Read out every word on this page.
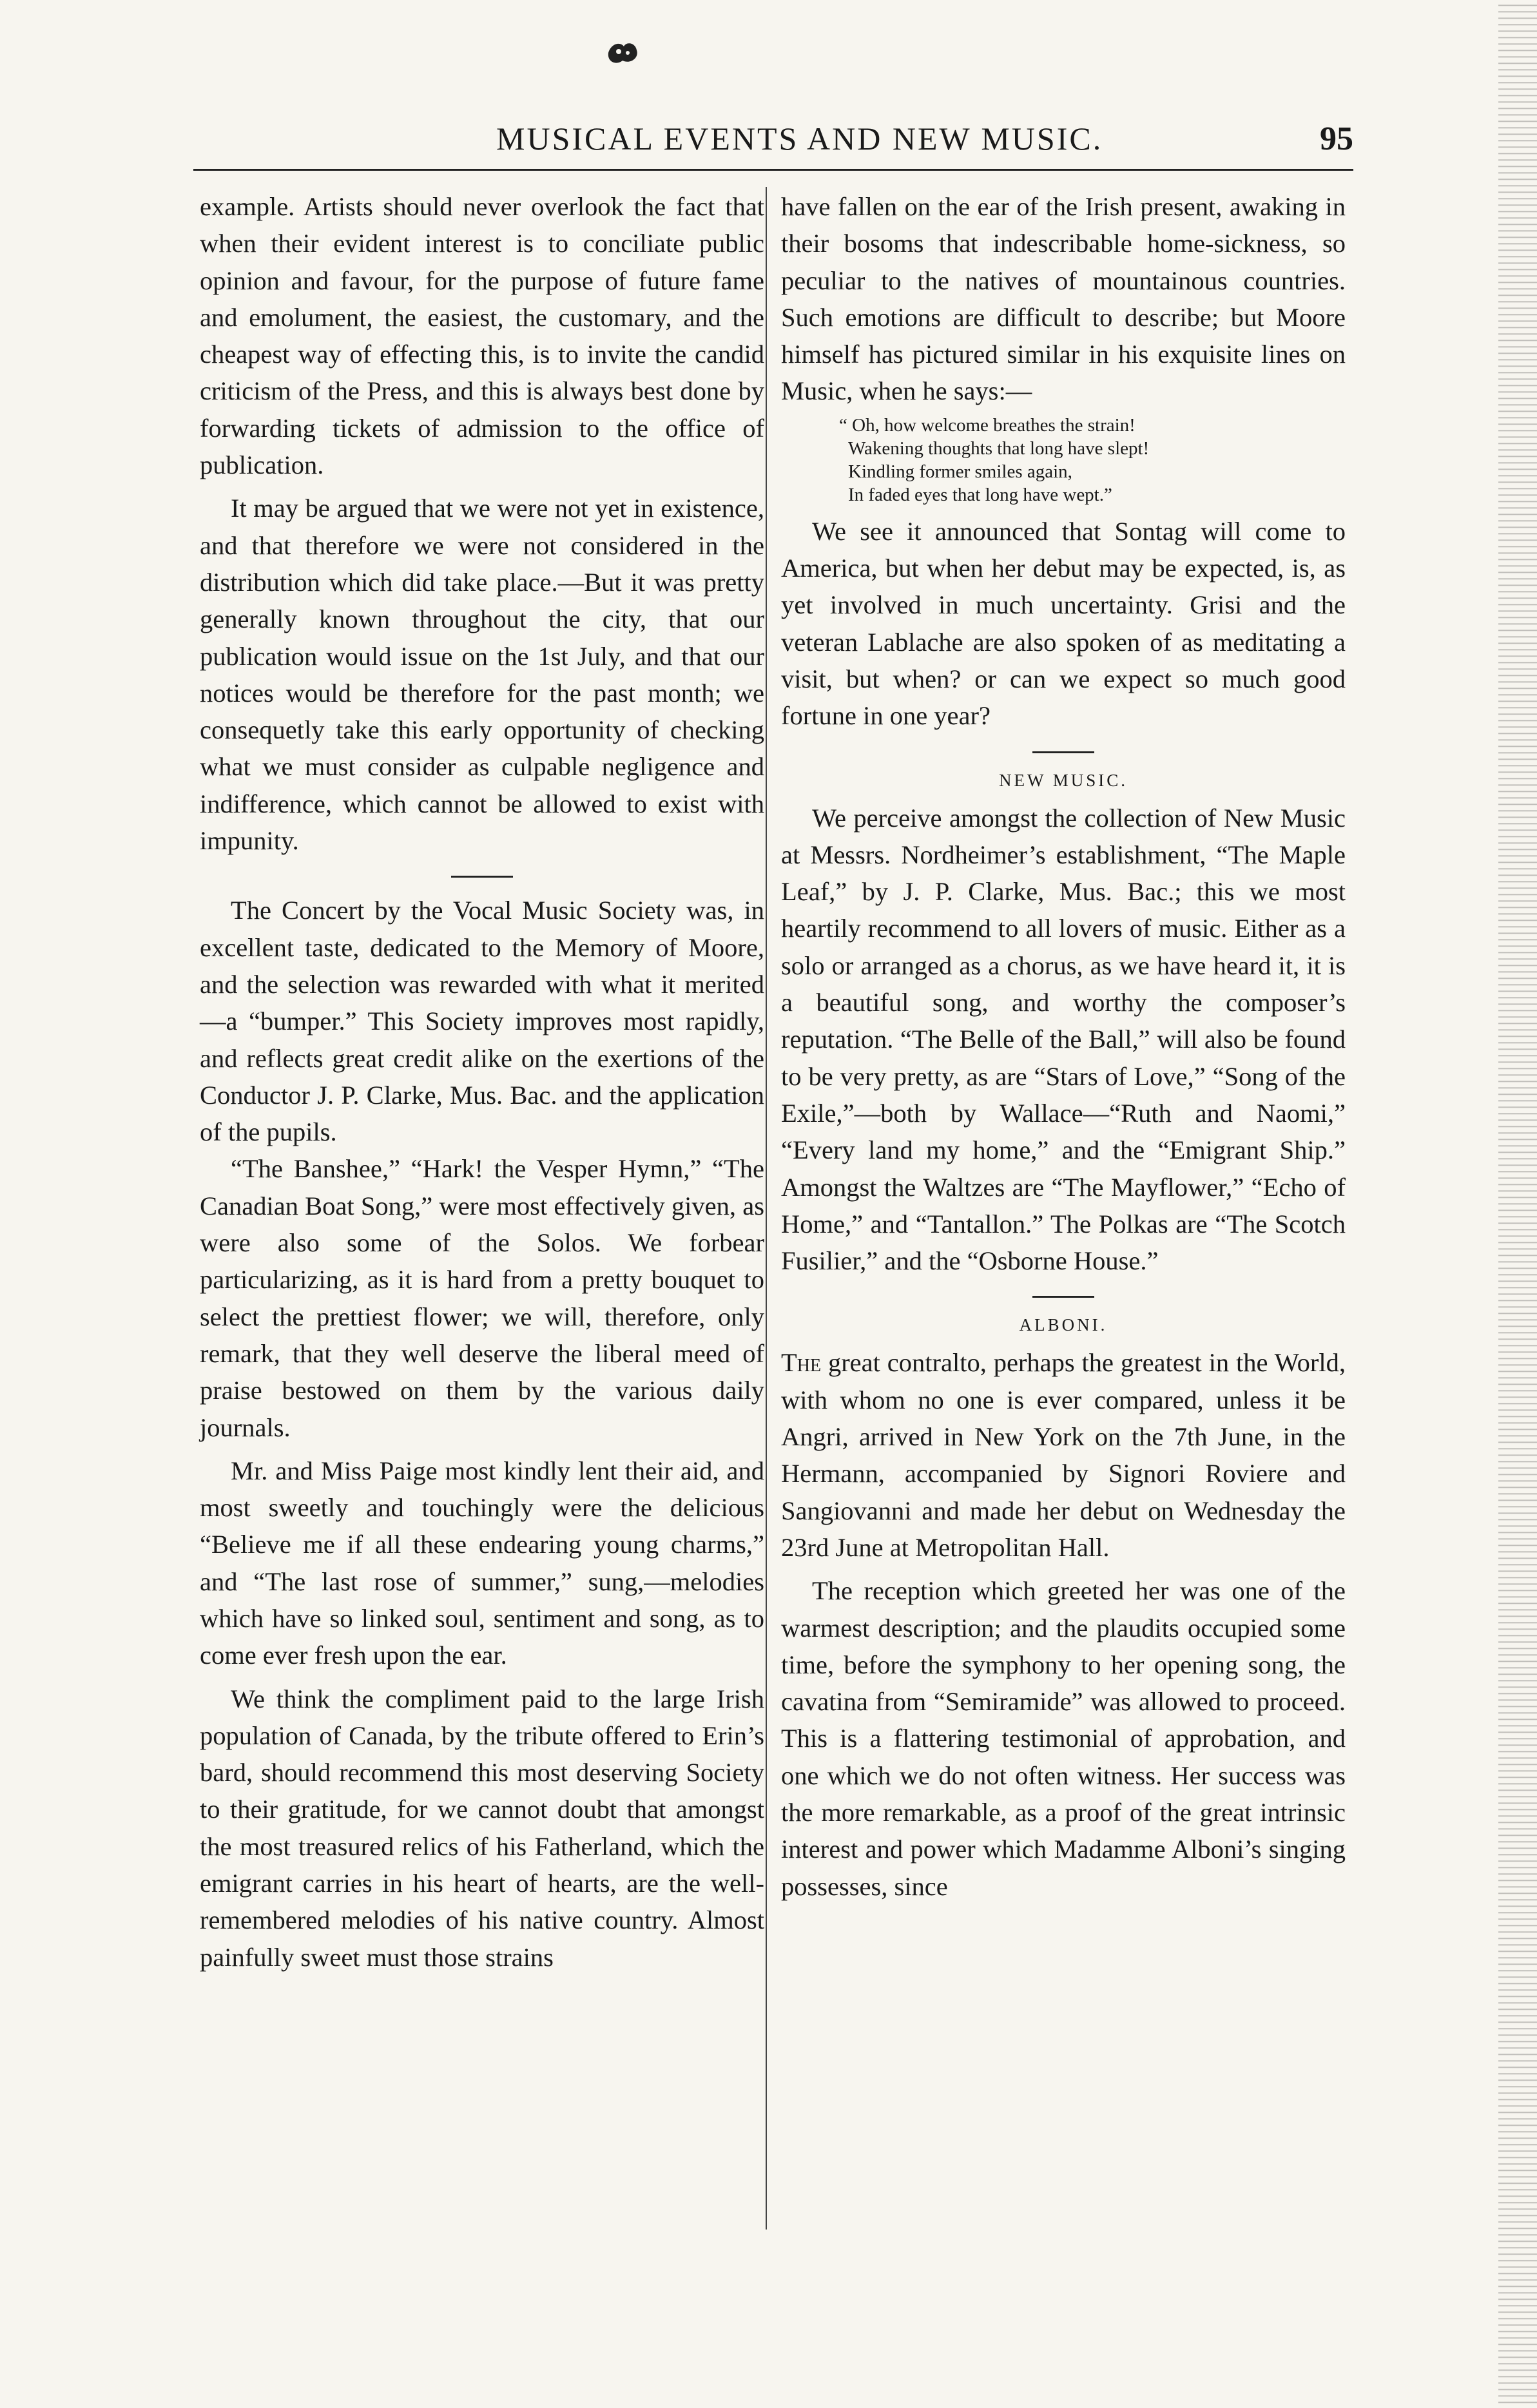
MUSICAL EVENTS AND NEW MUSIC.	95

example. Artists should never overlook the fact that when their evident interest is to conciliate public opinion and favour, for the purpose of future fame and emolument, the easiest, the customary, and the cheapest way of effecting this, is to invite the candid criticism of the Press, and this is always best done by forwarding tickets of admission to the office of publication.

It may be argued that we were not yet in existence, and that therefore we were not considered in the distribution which did take place.—But it was pretty generally known throughout the city, that our publication would issue on the 1st July, and that our notices would be therefore for the past month; we consequetly take this early opportunity of checking what we must consider as culpable negligence and indifference, which cannot be allowed to exist with impunity.

The Concert by the Vocal Music Society was, in excellent taste, dedicated to the Memory of Moore, and the selection was rewarded with what it merited—a “bumper.” This Society improves most rapidly, and reflects great credit alike on the exertions of the Conductor J. P. Clarke, Mus. Bac. and the application of the pupils.

“The Banshee,” “Hark! the Vesper Hymn,” “The Canadian Boat Song,” were most effectively given, as were also some of the Solos. We forbear particularizing, as it is hard from a pretty bouquet to select the prettiest flower; we will, therefore, only remark, that they well deserve the liberal meed of praise bestowed on them by the various daily journals.

Mr. and Miss Paige most kindly lent their aid, and most sweetly and touchingly were the delicious “Believe me if all these endearing young charms,” and “The last rose of summer,” sung,—melodies which have so linked soul, sentiment and song, as to come ever fresh upon the ear.

We think the compliment paid to the large Irish population of Canada, by the tribute offered to Erin’s bard, should recommend this most deserving Society to their gratitude, for we cannot doubt that amongst the most treasured relics of his Fatherland, which the emigrant carries in his heart of hearts, are the well-remembered melodies of his native country. Almost painfully sweet must those strains

have fallen on the ear of the Irish present, awaking in their bosoms that indescribable home-sickness, so peculiar to the natives of mountainous countries. Such emotions are difficult to describe; but Moore himself has pictured similar in his exquisite lines on Music, when he says:—

“ Oh, how welcome breathes the strain!
Wakening thoughts that long have slept!
Kindling former smiles again,
In faded eyes that long have wept.”

We see it announced that Sontag will come to America, but when her debut may be expected, is, as yet involved in much uncertainty. Grisi and the veteran Lablache are also spoken of as meditating a visit, but when? or can we expect so much good fortune in one year?

NEW MUSIC.

We perceive amongst the collection of New Music at Messrs. Nordheimer’s establishment, “The Maple Leaf,” by J. P. Clarke, Mus. Bac.; this we most heartily recommend to all lovers of music. Either as a solo or arranged as a chorus, as we have heard it, it is a beautiful song, and worthy the composer’s reputation. “The Belle of the Ball,” will also be found to be very pretty, as are “Stars of Love,” “Song of the Exile,”—both by Wallace—“Ruth and Naomi,” “Every land my home,” and the “Emigrant Ship.” Amongst the Waltzes are “The Mayflower,” “Echo of Home,” and “Tantallon.” The Polkas are “The Scotch Fusilier,” and the “Osborne House.”

ALBONI.

The great contralto, perhaps the greatest in the World, with whom no one is ever compared, unless it be Angri, arrived in New York on the 7th June, in the Hermann, accompanied by Signori Roviere and Sangiovanni and made her debut on Wednesday the 23rd June at Metropolitan Hall.

The reception which greeted her was one of the warmest description; and the plaudits occupied some time, before the symphony to her opening song, the cavatina from “Semiramide” was allowed to proceed. This is a flattering testimonial of approbation, and one which we do not often witness. Her success was the more remarkable, as a proof of the great intrinsic interest and power which Madamme Alboni’s singing possesses, since
